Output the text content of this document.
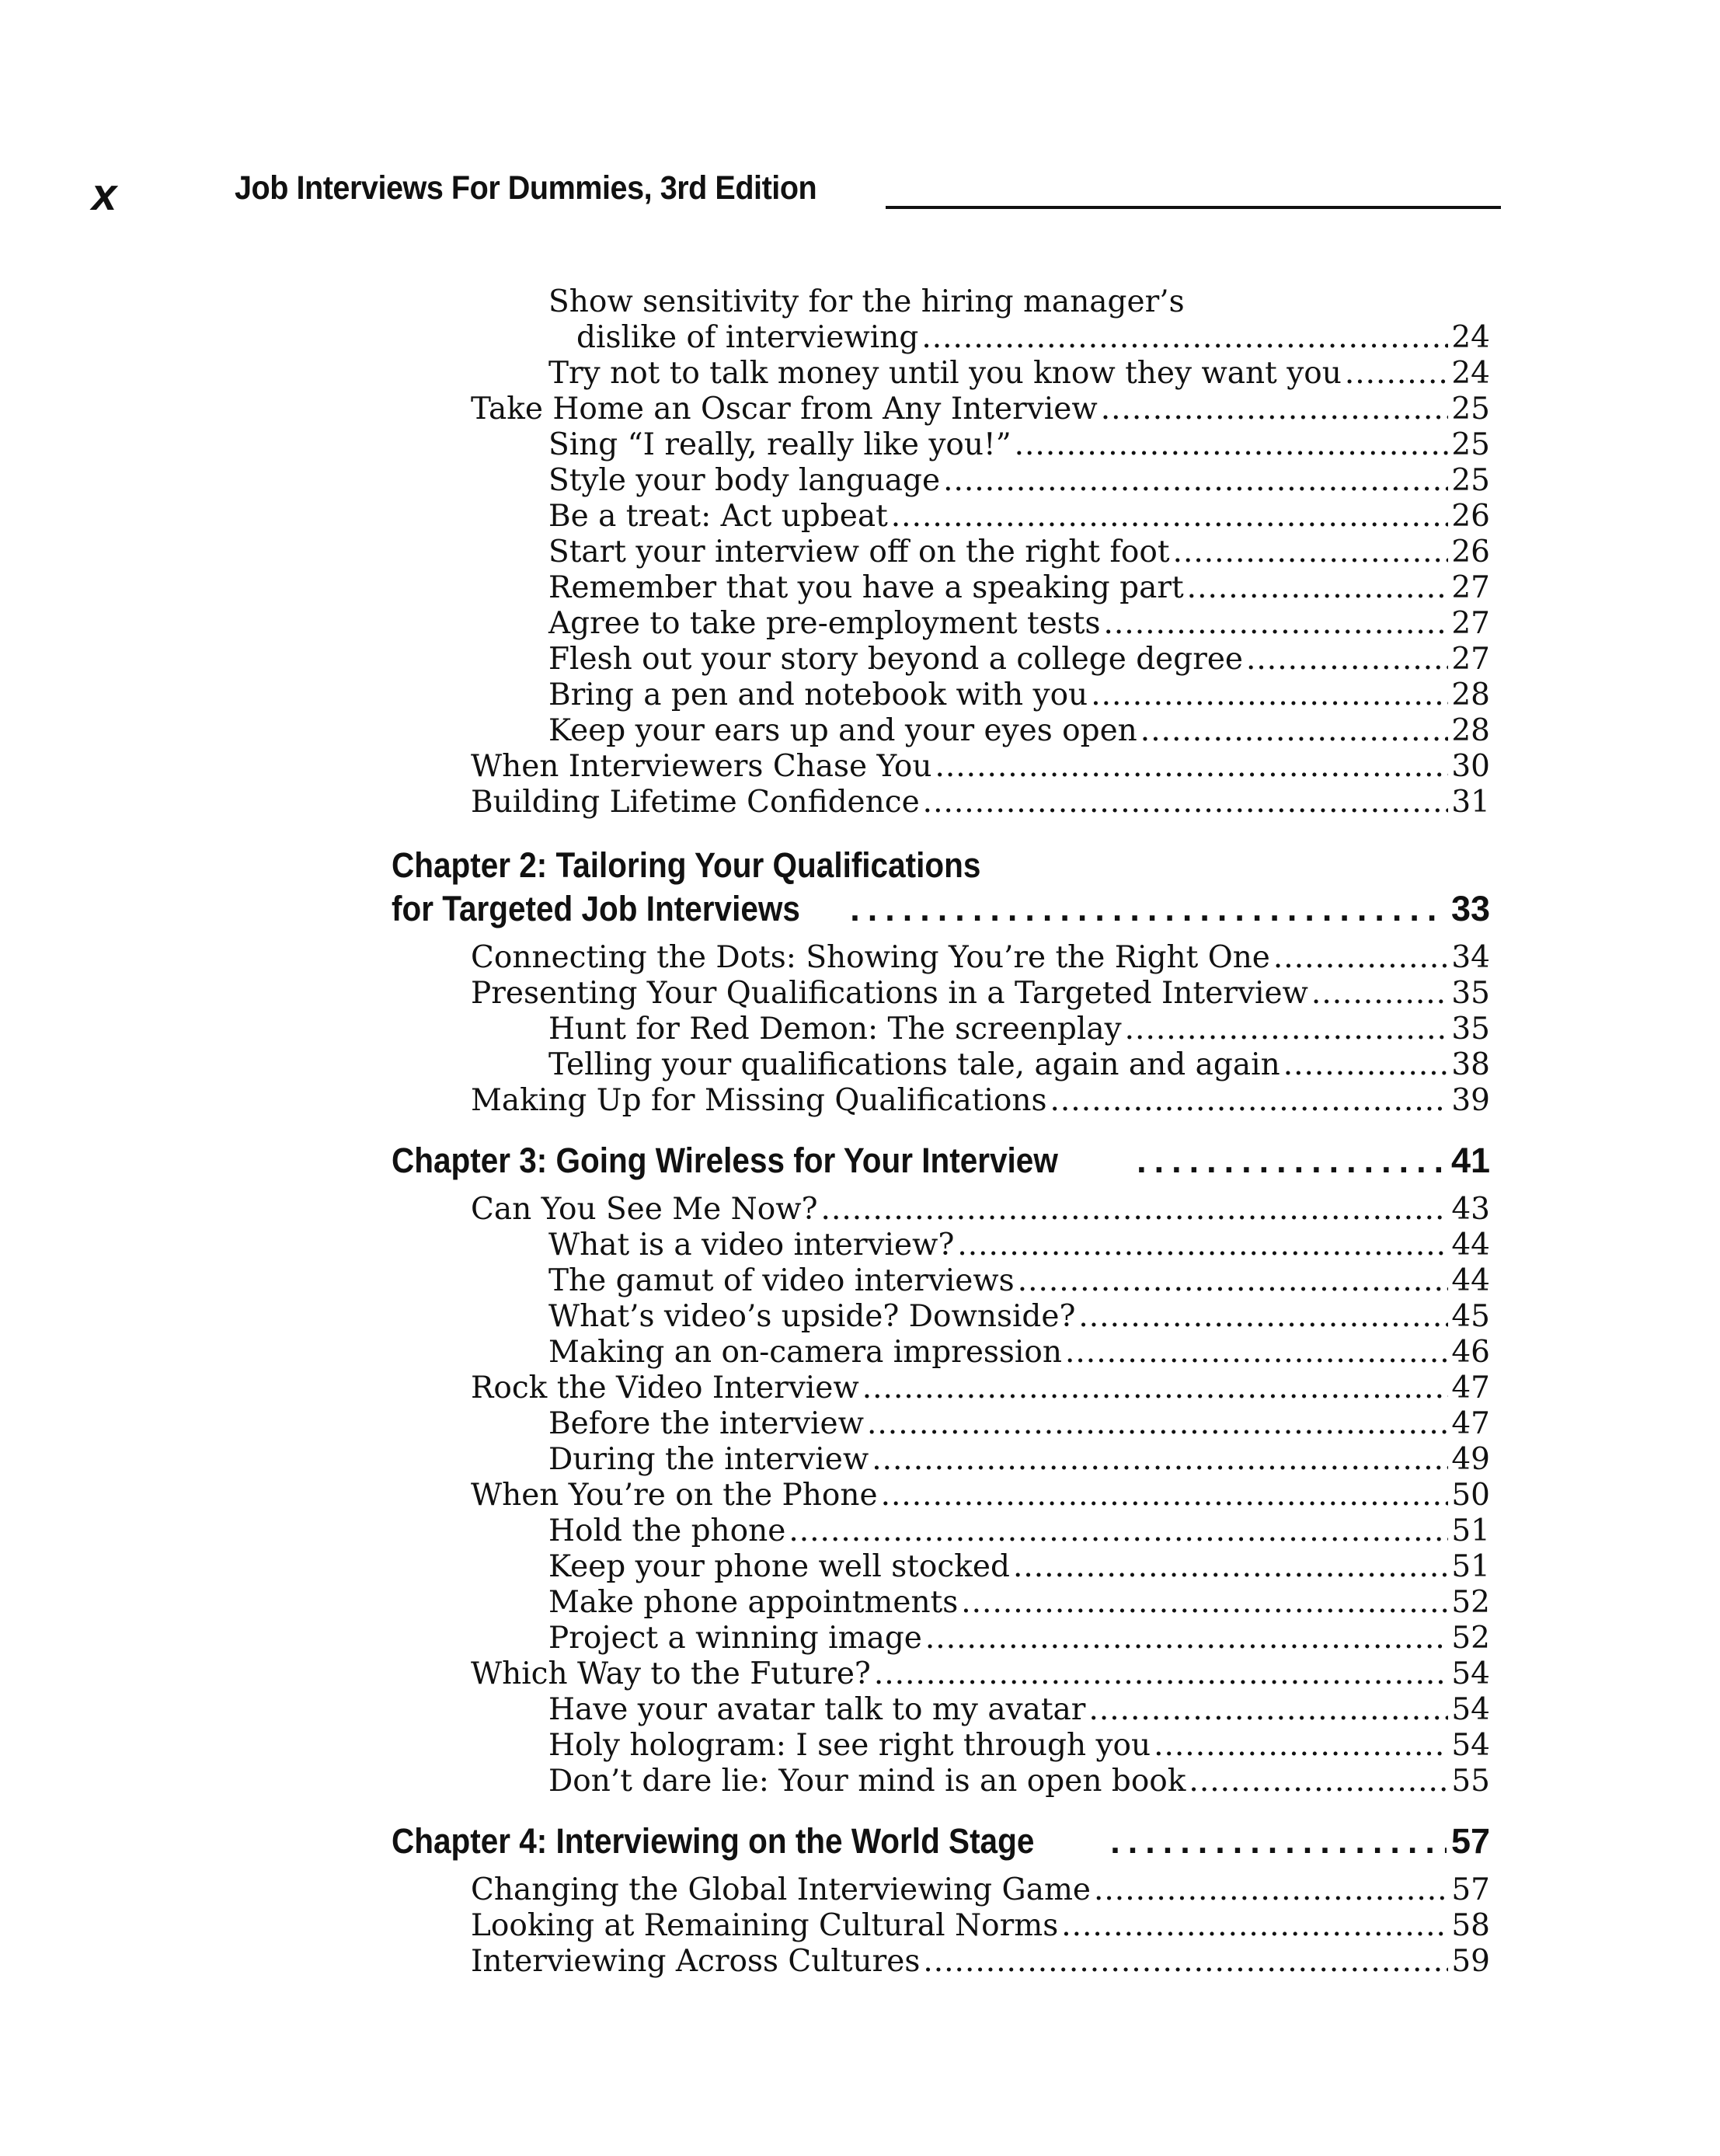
x	Job Interviews For Dummies, 3rd Edition
Show sensitivity for the hiring manager’s
dislike of interviewing .....	24
Try not to talk money until you know they want you .....	24
Take Home an Oscar from Any Interview .....	25
Sing “I really, really like you!” .....	25
Style your body language .....	25
Be a treat: Act upbeat .....	26
Start your interview off on the right foot .....	26
Remember that you have a speaking part .....	27
Agree to take pre-employment tests .....	27
Flesh out your story beyond a college degree .....	27
Bring a pen and notebook with you .....	28
Keep your ears up and your eyes open .....	28
When Interviewers Chase You .....	30
Building Lifetime Confidence .....	31
Chapter 2: Tailoring Your Qualifications
for Targeted Job Interviews .....	33
Connecting the Dots: Showing You’re the Right One .....	34
Presenting Your Qualifications in a Targeted Interview .....	35
Hunt for Red Demon: The screenplay .....	35
Telling your qualifications tale, again and again .....	38
Making Up for Missing Qualifications .....	39
Chapter 3: Going Wireless for Your Interview .....	41
Can You See Me Now? .....	43
What is a video interview? .....	44
The gamut of video interviews .....	44
What’s video’s upside? Downside? .....	45
Making an on-camera impression .....	46
Rock the Video Interview .....	47
Before the interview .....	47
During the interview .....	49
When You’re on the Phone .....	50
Hold the phone .....	51
Keep your phone well stocked .....	51
Make phone appointments .....	52
Project a winning image .....	52
Which Way to the Future? .....	54
Have your avatar talk to my avatar .....	54
Holy hologram: I see right through you .....	54
Don’t dare lie: Your mind is an open book .....	55
Chapter 4: Interviewing on the World Stage .....	57
Changing the Global Interviewing Game .....	57
Looking at Remaining Cultural Norms .....	58
Interviewing Across Cultures .....	59
